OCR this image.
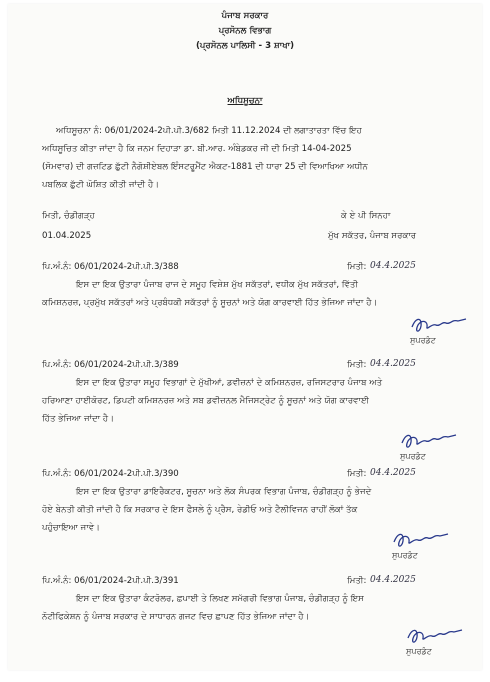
ਪੰਜਾਬ ਸਰਕਾਰ
ਪ੍ਰਸੋਨਲ ਵਿਭਾਗ
(ਪ੍ਰਸੋਨਲ ਪਾਲਿਸੀ - 3 ਸ਼ਾਖਾ)
ਅਧਿਸੂਚਨਾ
ਅਧਿਸੂਚਨਾ ਨੰ: 06/01/2024-2ਪੀ.ਪੀ.3/682 ਮਿਤੀ 11.12.2024 ਦੀ ਲਗਾਤਾਰਤਾ ਵਿੱਚ ਇਹ
ਅਧਿਸੂਚਿਤ ਕੀਤਾ ਜਾਂਦਾ ਹੈ ਕਿ ਜਨਮ ਦਿਹਾੜਾ ਡਾ. ਬੀ.ਆਰ. ਅੰਬੇਡਕਰ ਜੀ ਦੀ ਮਿਤੀ 14-04-2025
(ਸੋਮਵਾਰ) ਦੀ ਗਜ਼ਟਿਡ ਛੁੱਟੀ ਨੈਗੋਸ਼ੀਏਬਲ ਇੰਸਟਰੂਮੈਂਟ ਐਕਟ-1881 ਦੀ ਧਾਰਾ 25 ਦੀ ਵਿਆਖਿਆ ਅਧੀਨ
ਪਬਲਿਕ ਛੁੱਟੀ ਘੋਸ਼ਿਤ ਕੀਤੀ ਜਾਂਦੀ ਹੈ।
ਮਿਤੀ, ਚੰਡੀਗੜ੍ਹ
01.04.2025
ਕੇ ਏ ਪੀ ਸਿਨਹਾ
ਮੁੱਖ ਸਕੱਤਰ, ਪੰਜਾਬ ਸਰਕਾਰ
ਪਿ.ਅੰ.ਨੰ: 06/01/2024-2ਪੀ.ਪੀ.3/388	ਮਿਤੀ: 04.4.2025
ਇਸ ਦਾ ਇਕ ਉਤਾਰਾ ਪੰਜਾਬ ਰਾਜ ਦੇ ਸਮੂਹ ਵਿਸ਼ੇਸ਼ ਮੁੱਖ ਸਕੱਤਰਾਂ, ਵਧੀਕ ਮੁੱਖ ਸਕੱਤਰਾਂ, ਵਿੱਤੀ
ਕਮਿਸ਼ਨਰਜ਼, ਪ੍ਰਮੁੱਖ ਸਕੱਤਰਾਂ ਅਤੇ ਪ੍ਰਬੰਧਕੀ ਸਕੱਤਰਾਂ ਨੂੰ ਸੂਚਨਾਂ ਅਤੇ ਯੋਗ ਕਾਰਵਾਈ ਹਿੱਤ ਭੇਜਿਆ ਜਾਂਦਾ ਹੈ।
ਸੁਪਰਡੰਟ
ਪਿ.ਅੰ.ਨੰ: 06/01/2024-2ਪੀ.ਪੀ.3/389	ਮਿਤੀ: 04.4.2025
ਇਸ ਦਾ ਇਕ ਉਤਾਰਾ ਸਮੂਹ ਵਿਭਾਗਾਂ ਦੇ ਮੁੱਖੀਆਂ, ਡਵੀਜ਼ਨਾਂ ਦੇ ਕਮਿਸ਼ਨਰਜ਼, ਰਜਿਸਟਰਾਰ ਪੰਜਾਬ ਅਤੇ
ਹਰਿਆਣਾ ਹਾਈਕੋਰਟ, ਡਿਪਟੀ ਕਮਿਸ਼ਨਰਜ਼ ਅਤੇ ਸਬ ਡਵੀਜ਼ਨਲ ਮੈਜਿਸਟ੍ਰੇਟ ਨੂੰ ਸੂਚਨਾਂ ਅਤੇ ਯੋਗ ਕਾਰਵਾਈ
ਹਿੱਤ ਭੇਜਿਆ ਜਾਂਦਾ ਹੈ।
ਸੁਪਰਡੰਟ
ਪਿ.ਅੰ.ਨੰ: 06/01/2024-2ਪੀ.ਪੀ.3/390	ਮਿਤੀ: 04.4.2025
ਇਸ ਦਾ ਇਕ ਉਤਾਰਾ ਡਾਇਰੈਕਟਰ, ਸੂਚਨਾ ਅਤੇ ਲੋਕ ਸੰਪਰਕ ਵਿਭਾਗ ਪੰਜਾਬ, ਚੰਡੀਗੜ੍ਹ ਨੂੰ ਭੇਜਦੇ
ਹੋਏ ਬੇਨਤੀ ਕੀਤੀ ਜਾਂਦੀ ਹੈ ਕਿ ਸਰਕਾਰ ਦੇ ਇਸ ਫੈਸਲੇ ਨੂੰ ਪ੍ਰੈਸ, ਰੇਡੀਓ ਅਤੇ ਟੈਲੀਵਿਜਨ ਰਾਹੀਂ ਲੋਕਾਂ ਤੱਕ
ਪਹੁੰਚਾਇਆ ਜਾਵੇ।
ਸੁਪਰਡੰਟ
ਪਿ.ਅੰ.ਨੰ: 06/01/2024-2ਪੀ.ਪੀ.3/391	ਮਿਤੀ: 04.4.2025
ਇਸ ਦਾ ਇਕ ਉਤਾਰਾ ਕੰਟਰੋਲਰ, ਛਪਾਈ ਤੇ ਲਿਖਣ ਸਮੱਗਰੀ ਵਿਭਾਗ ਪੰਜਾਬ, ਚੰਡੀਗੜ੍ਹ ਨੂੰ ਇਸ
ਨੋਟੀਫਿਕੇਸ਼ਨ ਨੂੰ ਪੰਜਾਬ ਸਰਕਾਰ ਦੇ ਸਾਧਾਰਨ ਗਜਟ ਵਿਚ ਛਾਪਣ ਹਿੱਤ ਭੇਜਿਆ ਜਾਂਦਾ ਹੈ।
ਸੁਪਰਡੰਟ
